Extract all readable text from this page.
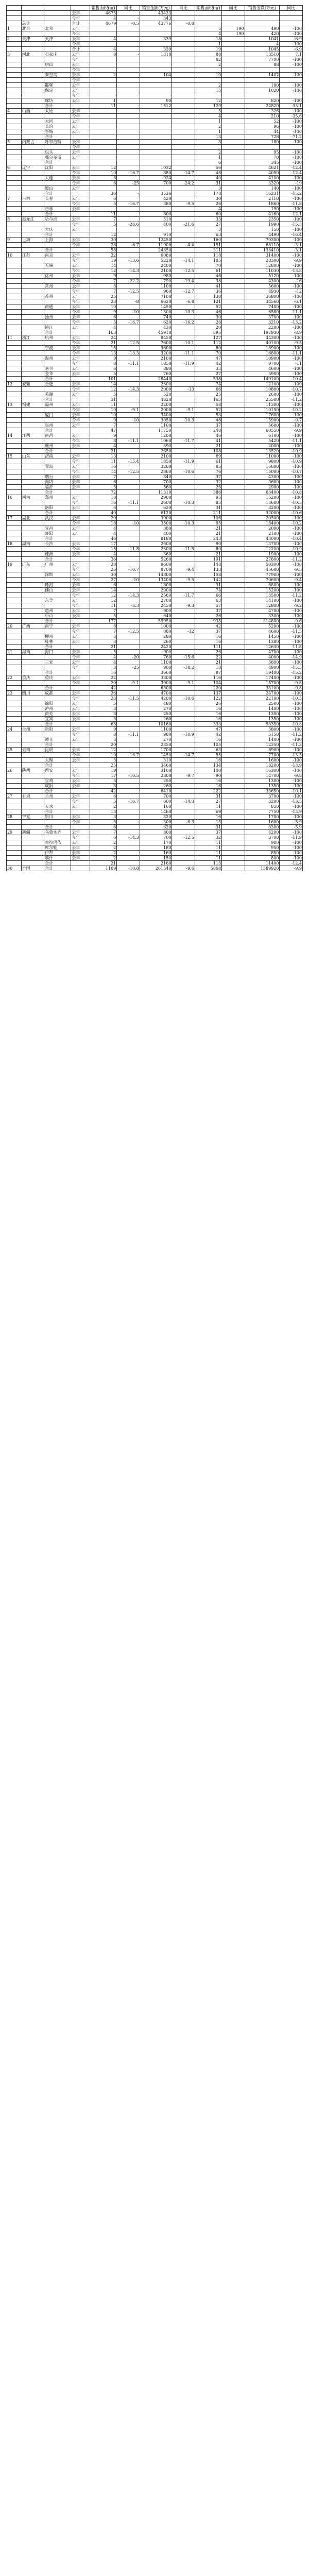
				销售面积(㎡)	同比	销售金额(万元)	同比	销售面积(㎡)	同比	销售金额(万元)	同比
			去年	4675		43433					
			今年	4	-	343					
	总计		合计	4679	-0.5	43776	-0.8				
1	北京	北京	去年					5	190	490	-100
			今年					4	190	420	-100
2	天津	天津	去年	4		339		18		1041	-6.9
			今年					1		4	-100
			合计	4		339		19		1045	-6.9
3	河北	石家庄	去年	8	-	1318		88		13510	7.1
			今年					82		7700	-100
		唐山	去年					2		88	-100
			今年								
		秦皇岛	去年	2		104		10		1402	-100
			今年								
		邯郸	去年					2		180	-100
		保定	去年					15		1020	-100
			今年								
		廊坊	去年	1		90		12		820	-100
		合计		11	-	1512		129		24820	-33.1
4	山西	太原	去年					5		326	-100
			今年					4		210	-35.6
		大同	去年					1		52	-100
		长治	去年					2		96	-100
		晋城	去年					1		44	-100
		合计						13		728	-71.2
5	内蒙古	呼和浩特	去年					3		180	-100
			今年								
		包头	去年					2		95	-100
		鄂尔多斯	去年					1		70	-100
		合计						6		345	-100
6	辽宁	沈阳	去年	12		1032		56		4621	-12.4
			今年	10	-16.7	880	-14.7	48		4050	-12.4
		大连	去年	8		924		40		4100	-100
			今年	6	-25	700	-24.2	31		3320	-19
		鞍山	去年					3		140	-100
		合计		36	-	3536		178		16231	-15.2
7	吉林	长春	去年	6		420		30		2110	-100
			今年	5	-16.7	380	-9.5	26		1860	-11.8
		吉林	去年					4		190	-100
		合计		11		800		60		4160	-12.1
8	黑龙江	哈尔滨	去年	7		510		33		2350	-100
			今年	5	-28.6	400	-21.6	27		1990	-15.3
		大庆	去年					3		150	-100
		合计		12		910		63		4490	-16.4
9	上海	上海	去年	30		12450		160		70300	-100
			今年	28	-6.7	11900	-4.4	151		68110	-3.1
		合计		58		24350		311		138410	-3.1
10	江苏	南京	去年	22		6080		118		31400	-100
			今年	19	-13.6	5220	-14.1	105		28300	-9.9
		无锡	去年	14		2400		70		12800	-100
			今年	12	-14.3	2100	-12.5	61		11030	-13.8
		徐州	去年	9		980		46		5120	-100
			今年	7	-22.2	790	-19.4	38		4300	-16
		常州	去年	8		1100		41		5600	-100
			今年	7	-12.5	960	-12.7	36		4930	-12
		苏州	去年	25		7100		130		36800	-100
			今年	23	-8	6620	-6.8	121		34560	-6.1
		南通	去年	10		1450		52		7400	-100
			今年	9	-10	1300	-10.3	46		6580	-11.1
		扬州	去年	6		740		30		3700	-100
			今年	5	-16.7	620	-16.2	26		3210	-13.2
		镇江	去年	4		430		20		2200	-100
		合计		163		45910		895		197930	-8.9
11	浙江	杭州	去年	24		8450		127		44300	-100
			今年	21	-12.5	7600	-10.1	112		40100	-9.5
		宁波	去年	15		3600		80		18900	-100
			今年	13	-13.3	3200	-11.1	70		16800	-11.1
		温州	去年	9		2100		47		10900	-100
			今年	8	-11.1	1850	-11.9	42		9700	-11
		嘉兴	去年	6		880		33		4600	-100
		金华	去年	5		760		27		3900	-100
		合计		101		28440		538		149100	-10.4
12	安徽	合肥	去年	14		2300		74		12100	-100
			今年	12	-14.3	2000	-13	66		10800	-10.7
		芜湖	去年	5		520		25		2600	-100
		合计		31		4820		165		25500	-11.2
13	福建	福州	去年	11		2200		58		11300	-100
			今年	10	-9.1	2000	-9.1	52		10150	-10.2
		厦门	去年	10		3400		53		17600	-100
			今年	9	-10	3050	-10.3	48		15900	-9.7
		泉州	去年	7		1100		37		5600	-100
		合计		47		11750		248		60550	-9.9
14	江西	南昌	去年	9		1200		46		6100	-100
			今年	8	-11.1	1060	-11.7	41		5420	-11.1
		赣州	去年	4		390		21		2000	-100
		合计		21		2650		108		13520	-10.9
15	山东	济南	去年	13		2100		69		11000	-100
			今年	11	-15.4	1850	-11.9	61		9800	-10.9
		青岛	去年	16		3200		85		16800	-100
			今年	14	-12.5	2860	-10.6	76		15000	-10.7
		烟台	去年	7		840		37		4300	-100
		潍坊	去年	6		700		32		3600	-100
		临沂	去年	5		560		26		2900	-100
		合计		72		11310		386		63400	-10.8
16	河南	郑州	去年	18		2900		95		15200	-100
			今年	16	-11.1	2600	-10.3	85		13600	-10.5
		洛阳	去年	6		620		31		3200	-100
		合计		40		6120		211		32000	-10.6
17	湖北	武汉	去年	20		3900		106		20500	-100
			今年	18	-10	3500	-10.3	95		18400	-10.2
		宜昌	去年	4		380		21		2000	-100
		襄阳	去年	4		400		21		2100	-100
		合计		46		8180		243		43000	-10.4
18	湖南	长沙	去年	17		2600		90		13700	-100
			今年	15	-11.8	2300	-11.5	80		12200	-10.9
		株洲	去年	4		360		21		1900	-100
		合计		36		5260		191		27800	-11.2
19	广东	广州	去年	28		9600		148		50300	-100
			今年	25	-10.7	8700	-9.4	133		45600	-9.3
		深圳	去年	30		14800		158		77900	-100
			今年	27	-10	13400	-9.5	142		70600	-9.4
		珠海	去年	6		1300		31		6800	-100
		佛山	去年	14		2900		74		15200	-100
			今年	12	-14.3	2560	-11.7	66		13500	-11.2
		东莞	去年	12		2700		63		14100	-100
			今年	11	-8.3	2450	-9.3	57		12800	-9.2
		惠州	去年	7		900		37		4700	-100
		中山	去年	5		640		26		3300	-100
		合计		177		59950		935		314800	-9.6
20	广西	南宁	去年	8		1000		42		5200	-100
			今年	7	-12.5	880	-12	37		4600	-11.5
		柳州	去年	3		280		16		1450	-100
		桂林	去年	3		260		16		1380	-100
		合计		21		2420		111		12630	-11.8
21	海南	海口	去年	5		900		26		4700	-100
			今年	4	-20	760	-15.6	22		4000	-14.9
		三亚	去年	4		1100		21		5800	-100
			今年	3	-25	900	-18.2	18		4900	-15.5
		合计		16		3660		87		19400	-15.2
22	重庆	重庆	去年	22		3300		116		17400	-100
			今年	20	-9.1	3000	-9.1	104		15700	-9.8
		合计		42		6300		220		33100	-9.8
23	四川	成都	去年	26		4700		137		24700	-100
			今年	23	-11.5	4200	-10.6	122		22100	-10.5
		绵阳	去年	5		480		26		2500	-100
		泸州	去年	3		270		16		1400	-100
		南充	去年	3		250		16		1300	-100
		宜宾	去年	3		260		16		1350	-100
		合计		63		10160		333		53350	-10.8
24	贵州	贵阳	去年	9		1100		47		5800	-100
			今年	8	-11.1	980	-10.9	42		5150	-11.2
		遵义	去年	3		270		16		1400	-100
		合计		20		2350		105		12350	-11.3
25	云南	昆明	去年	12		1700		63		8900	-100
			今年	10	-16.7	1450	-14.7	55		7700	-13.5
		大理	去年	3		310		16		1600	-100
		合计		25		3460		134		18200	-13.9
26	陕西	西安	去年	19		3100		100		16300	-100
			今年	17	-10.5	2800	-9.7	90		14700	-9.8
		宝鸡	去年	3		250		16		1300	-100
		咸阳	去年	3		260		16		1350	-100
		合计		42		6410		222		33650	-10.1
27	甘肃	兰州	去年	6		700		31		3700	-100
			今年	5	-16.7	600	-14.3	27		3200	-13.5
		天水	去年	2		160		11		850	-100
		合计		13		1460		69		7750	-13.9
28	宁夏	银川	去年	3		320		16		1700	-100
			今年	3	-	300	-6.3	15		1600	-5.9
		合计		6		620		31		3300	-5.9
29	新疆	乌鲁木齐	去年	7		800		37		4200	-100
			今年	6	-14.3	700	-12.5	32		3700	-11.9
		克拉玛依	去年	2		170		11		900	-100
		库尔勒	去年	2		180		11		950	-100
		伊犁	去年	2		160		11		850	-100
		喀什	去年	2		150		11		800	-100
		合计		21		2160		113		11400	-12.4
30	全国	合计		1109	-10.8	261540	-9.6	5868		1389920	-9.9
